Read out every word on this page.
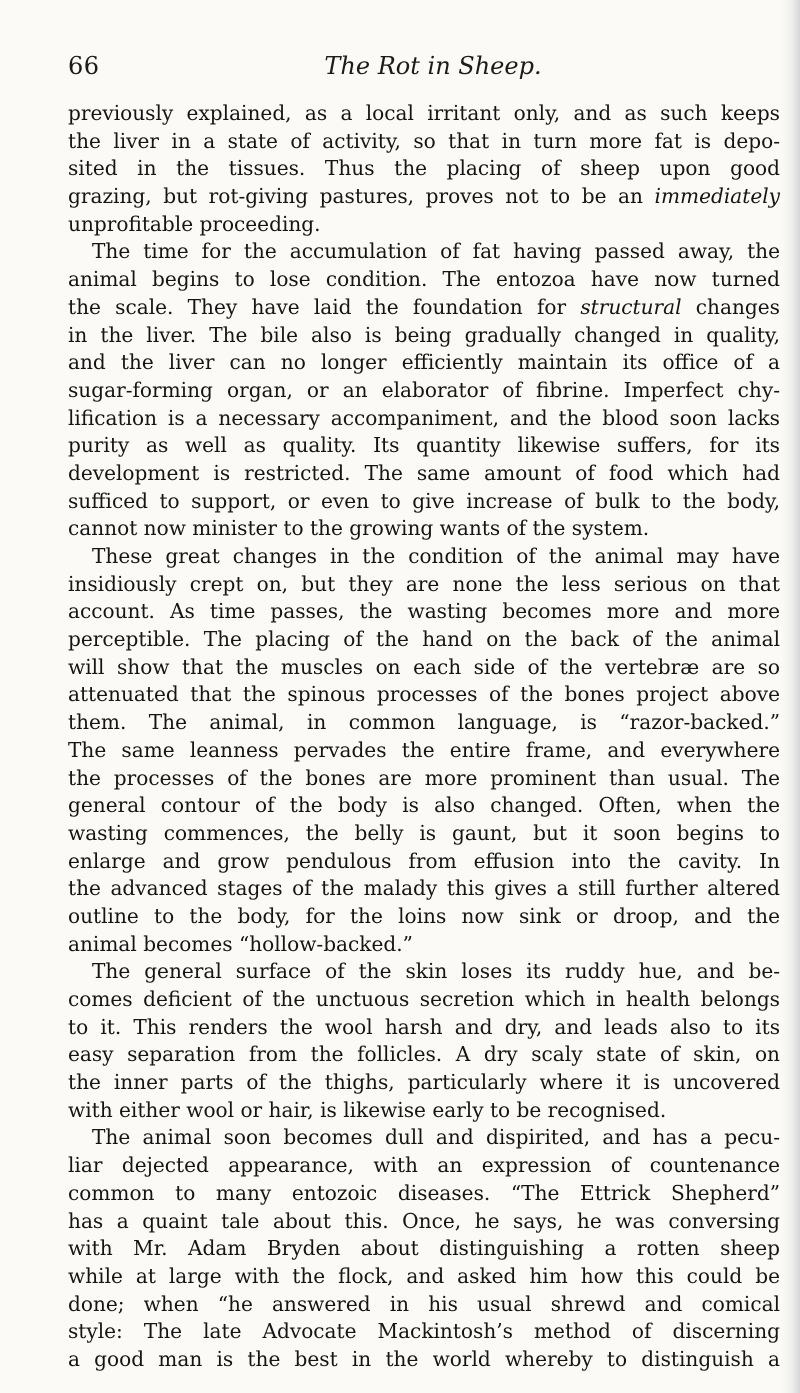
66	The Rot in Sheep.
previously explained, as a local irritant only, and as such keeps
the liver in a state of activity, so that in turn more fat is depo-
sited in the tissues. Thus the placing of sheep upon good
grazing, but rot-giving pastures, proves not to be an immediately
unprofitable proceeding.
The time for the accumulation of fat having passed away, the
animal begins to lose condition. The entozoa have now turned
the scale. They have laid the foundation for structural changes
in the liver. The bile also is being gradually changed in quality,
and the liver can no longer efficiently maintain its office of a
sugar-forming organ, or an elaborator of fibrine. Imperfect chy-
lification is a necessary accompaniment, and the blood soon lacks
purity as well as quality. Its quantity likewise suffers, for its
development is restricted. The same amount of food which had
sufficed to support, or even to give increase of bulk to the body,
cannot now minister to the growing wants of the system.
These great changes in the condition of the animal may have
insidiously crept on, but they are none the less serious on that
account. As time passes, the wasting becomes more and more
perceptible. The placing of the hand on the back of the animal
will show that the muscles on each side of the vertebræ are so
attenuated that the spinous processes of the bones project above
them. The animal, in common language, is “razor-backed.”
The same leanness pervades the entire frame, and everywhere
the processes of the bones are more prominent than usual. The
general contour of the body is also changed. Often, when the
wasting commences, the belly is gaunt, but it soon begins to
enlarge and grow pendulous from effusion into the cavity. In
the advanced stages of the malady this gives a still further altered
outline to the body, for the loins now sink or droop, and the
animal becomes “hollow-backed.”
The general surface of the skin loses its ruddy hue, and be-
comes deficient of the unctuous secretion which in health belongs
to it. This renders the wool harsh and dry, and leads also to its
easy separation from the follicles. A dry scaly state of skin, on
the inner parts of the thighs, particularly where it is uncovered
with either wool or hair, is likewise early to be recognised.
The animal soon becomes dull and dispirited, and has a pecu-
liar dejected appearance, with an expression of countenance
common to many entozoic diseases. “The Ettrick Shepherd”
has a quaint tale about this. Once, he says, he was conversing
with Mr. Adam Bryden about distinguishing a rotten sheep
while at large with the flock, and asked him how this could be
done; when “he answered in his usual shrewd and comical
style: The late Advocate Mackintosh’s method of discerning
a good man is the best in the world whereby to distinguish a
